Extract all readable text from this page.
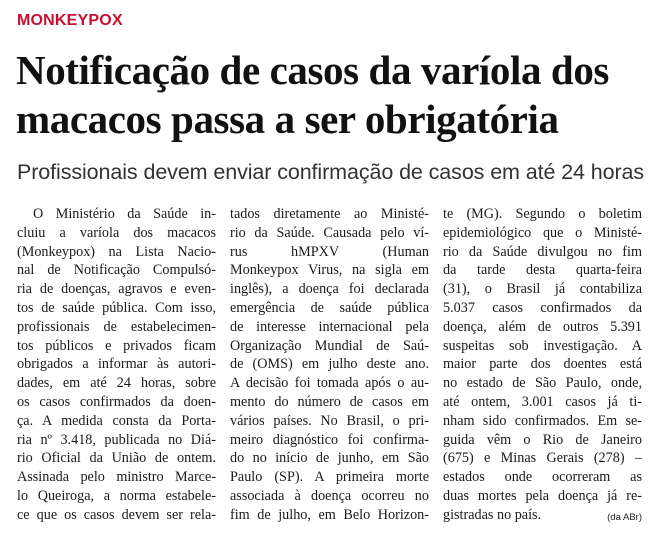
MONKEYPOX
Notificação de casos da varíola dos macacos passa a ser obrigatória
Profissionais devem enviar confirmação de casos em até 24 horas
O Ministério da Saúde in-
cluiu a varíola dos macacos
(Monkeypox) na Lista Nacio-
nal de Notificação Compulsó-
ria de doenças, agravos e even-
tos de saúde pública. Com isso,
profissionais de estabelecimen-
tos públicos e privados ficam
obrigados a informar às autori-
dades, em até 24 horas, sobre
os casos confirmados da doen-
ça. A medida consta da Porta-
ria nº 3.418, publicada no Diá-
rio Oficial da União de ontem.
Assinada pelo ministro Marce-
lo Queiroga, a norma estabele-
ce que os casos devem ser rela-
tados diretamente ao Ministé-
rio da Saúde. Causada pelo ví-
rus hMPXV (Human
Monkeypox Virus, na sigla em
inglês), a doença foi declarada
emergência de saúde pública
de interesse internacional pela
Organização Mundial de Saú-
de (OMS) em julho deste ano.
A decisão foi tomada após o au-
mento do número de casos em
vários países. No Brasil, o pri-
meiro diagnóstico foi confirma-
do no início de junho, em São
Paulo (SP). A primeira morte
associada à doença ocorreu no
fim de julho, em Belo Horizon-
te (MG). Segundo o boletim
epidemiológico que o Ministé-
rio da Saúde divulgou no fim
da tarde desta quarta-feira
(31), o Brasil já contabiliza
5.037 casos confirmados da
doença, além de outros 5.391
suspeitas sob investigação. A
maior parte dos doentes está
no estado de São Paulo, onde,
até ontem, 3.001 casos já ti-
nham sido confirmados. Em se-
guida vêm o Rio de Janeiro
(675) e Minas Gerais (278) –
estados onde ocorreram as
duas mortes pela doença já re-
gistradas no país.	(da ABr)
